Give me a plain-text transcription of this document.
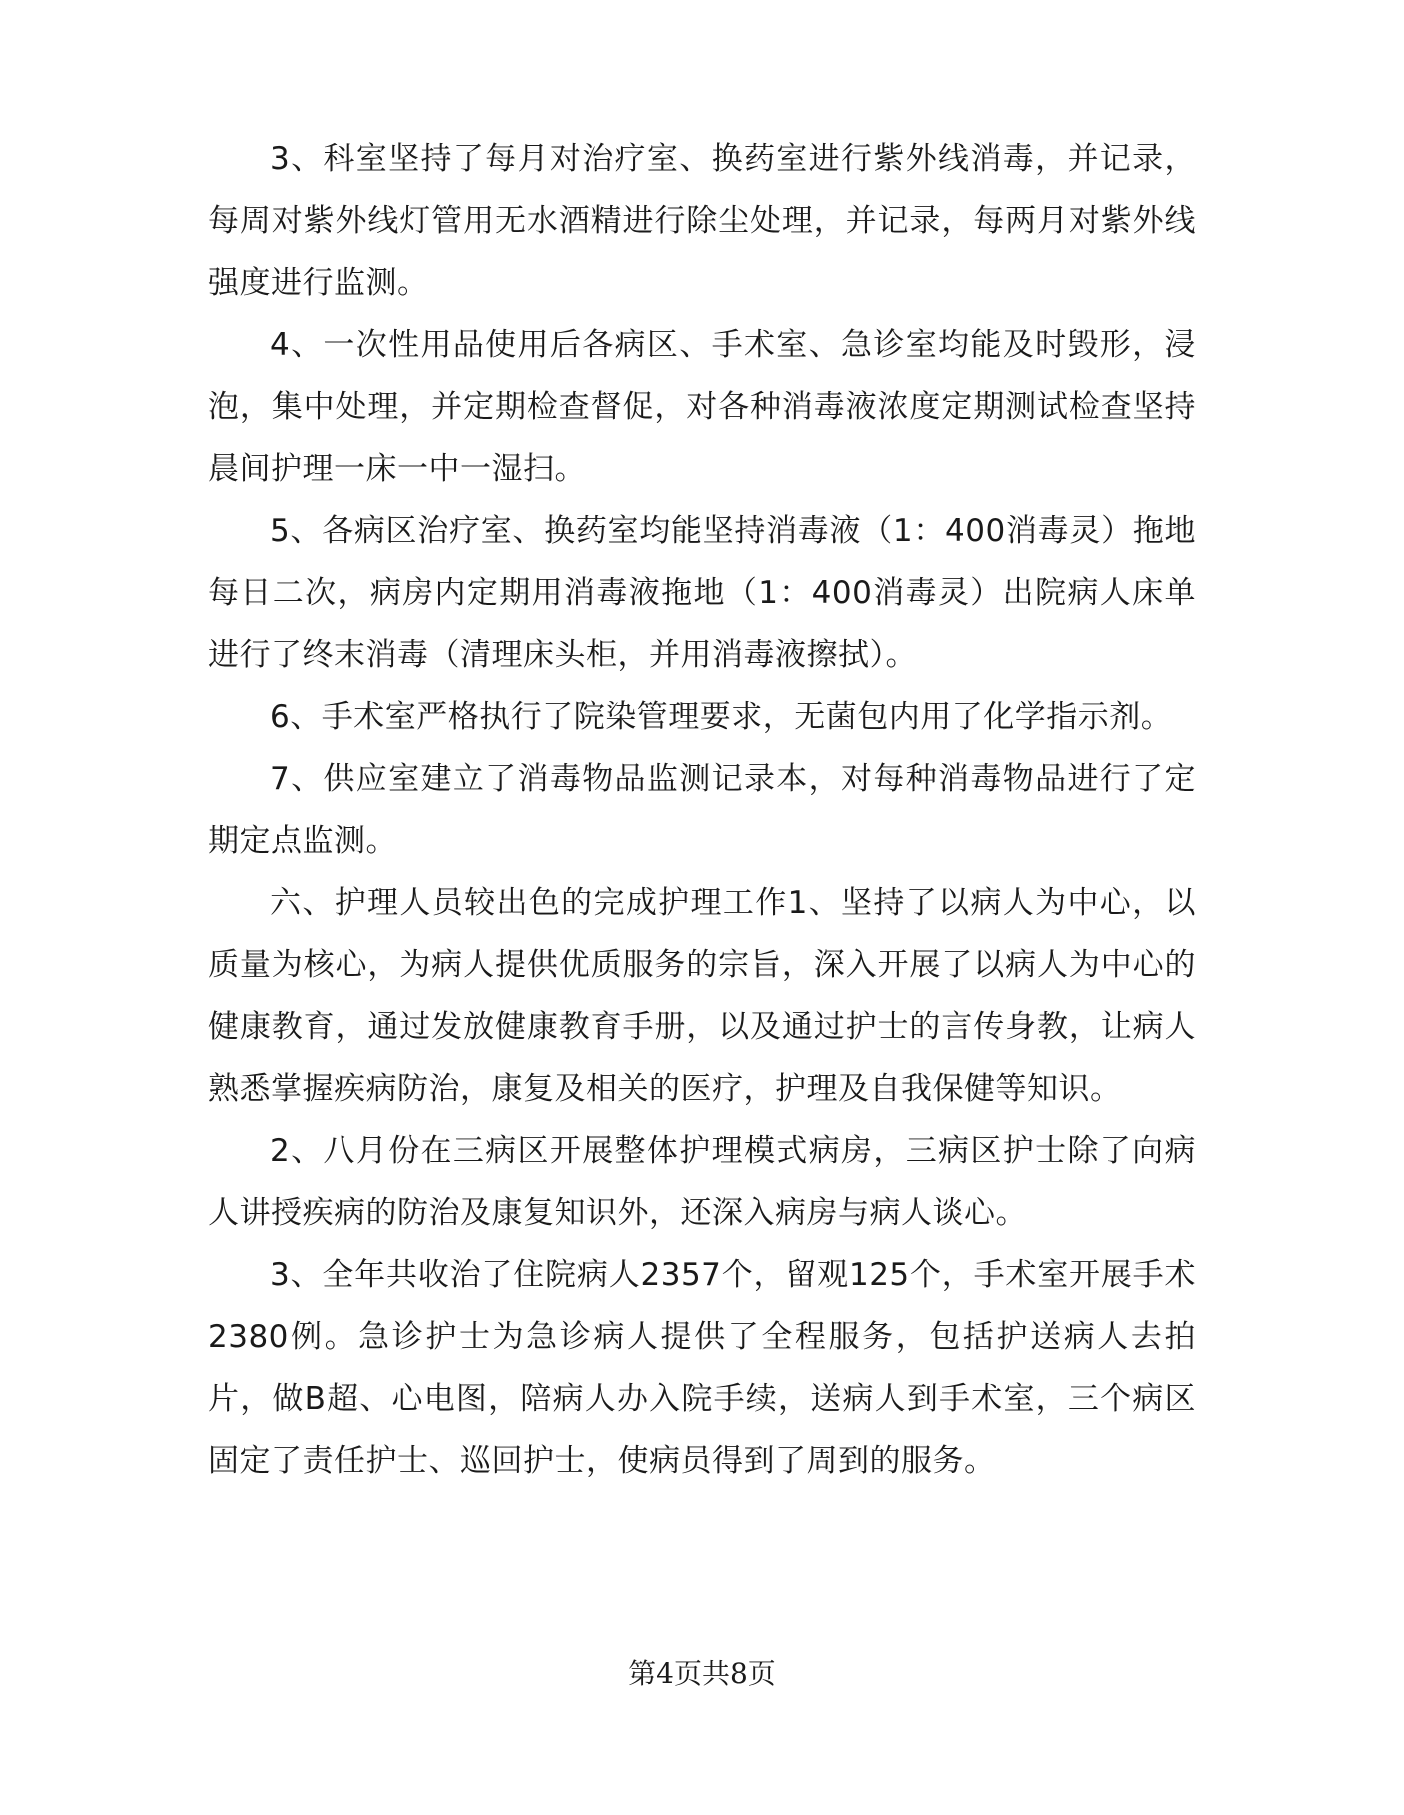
3、科室坚持了每月对治疗室、换药室进行紫外线消毒，并记录，每周对紫外线灯管用无水酒精进行除尘处理，并记录，每两月对紫外线强度进行监测。

4、一次性用品使用后各病区、手术室、急诊室均能及时毁形，浸泡，集中处理，并定期检查督促，对各种消毒液浓度定期测试检查坚持晨间护理一床一中一湿扫。

5、各病区治疗室、换药室均能坚持消毒液（1：400消毒灵）拖地每日二次，病房内定期用消毒液拖地（1：400消毒灵）出院病人床单进行了终末消毒（清理床头柜，并用消毒液擦拭）。

6、手术室严格执行了院染管理要求，无菌包内用了化学指示剂。

7、供应室建立了消毒物品监测记录本，对每种消毒物品进行了定期定点监测。

六、护理人员较出色的完成护理工作1、坚持了以病人为中心，以质量为核心，为病人提供优质服务的宗旨，深入开展了以病人为中心的健康教育，通过发放健康教育手册，以及通过护士的言传身教，让病人熟悉掌握疾病防治，康复及相关的医疗，护理及自我保健等知识。

2、八月份在三病区开展整体护理模式病房，三病区护士除了向病人讲授疾病的防治及康复知识外，还深入病房与病人谈心。

3、全年共收治了住院病人2357个，留观125个，手术室开展手术2380例。急诊护士为急诊病人提供了全程服务，包括护送病人去拍片，做B超、心电图，陪病人办入院手续，送病人到手术室，三个病区固定了责任护士、巡回护士，使病员得到了周到的服务。

第4页共8页
